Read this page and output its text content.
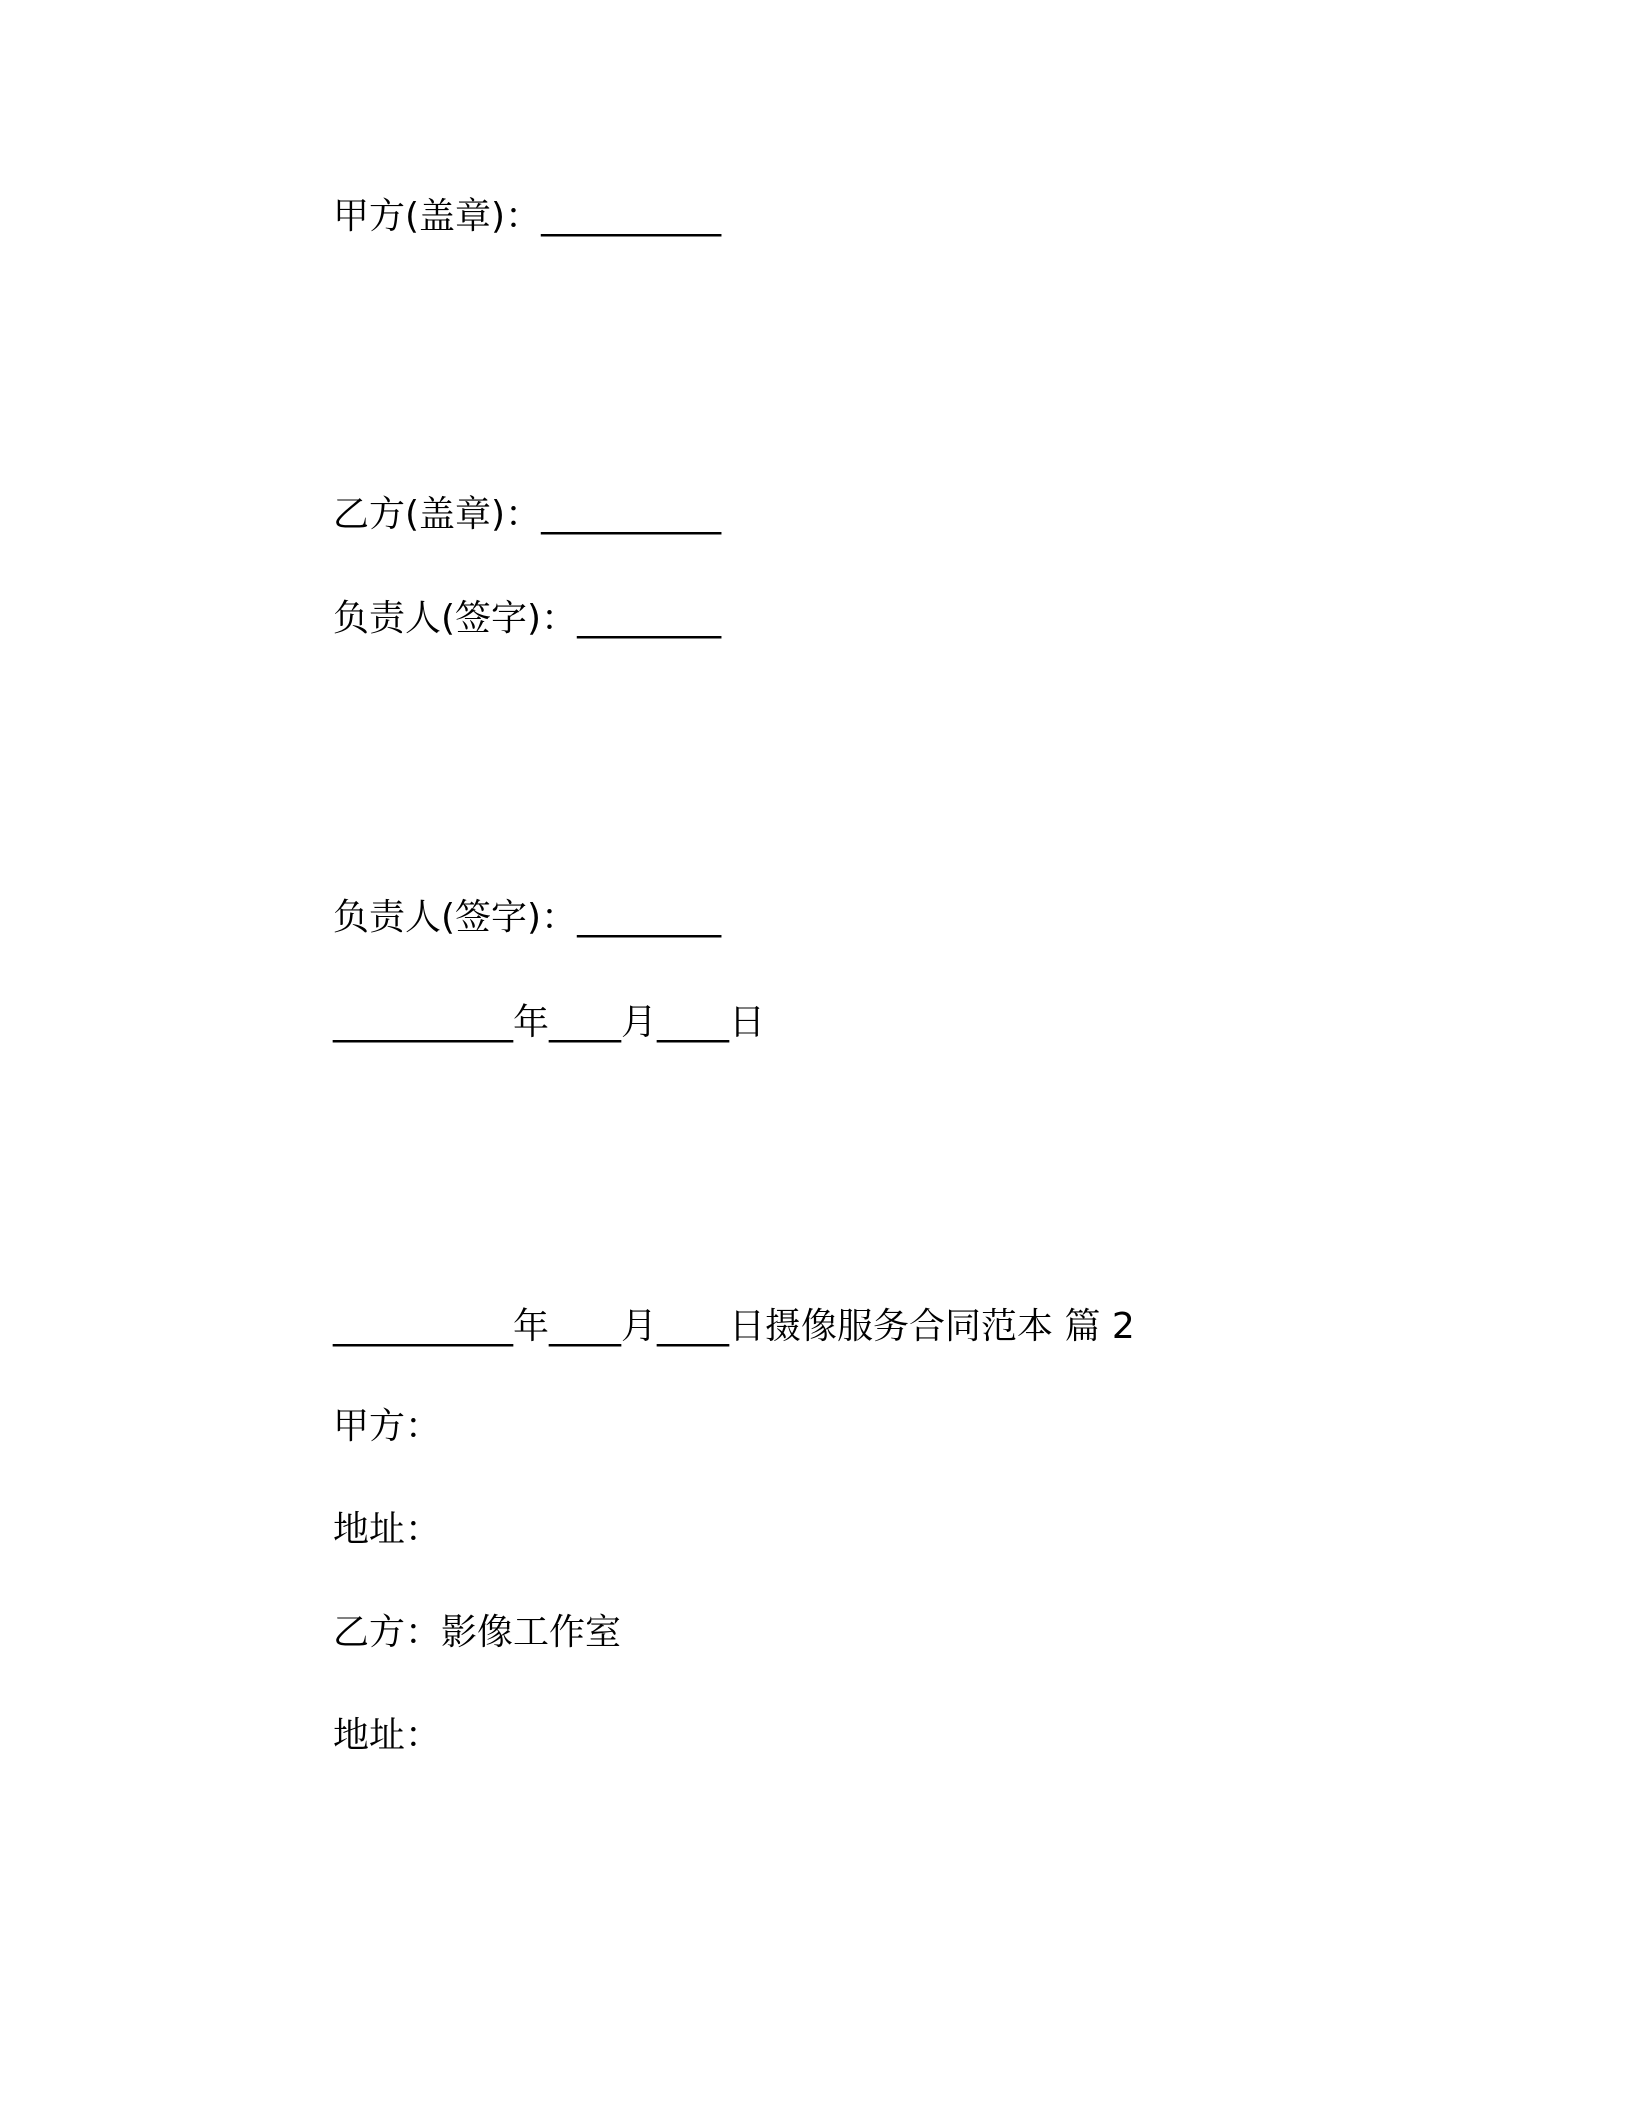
甲方(盖章)：__________
乙方(盖章)：__________
负责人(签字)：________
负责人(签字)：________
__________年____月____日
__________年____月____日摄像服务合同范本 篇 2
甲方：
地址：
乙方：影像工作室
地址：
